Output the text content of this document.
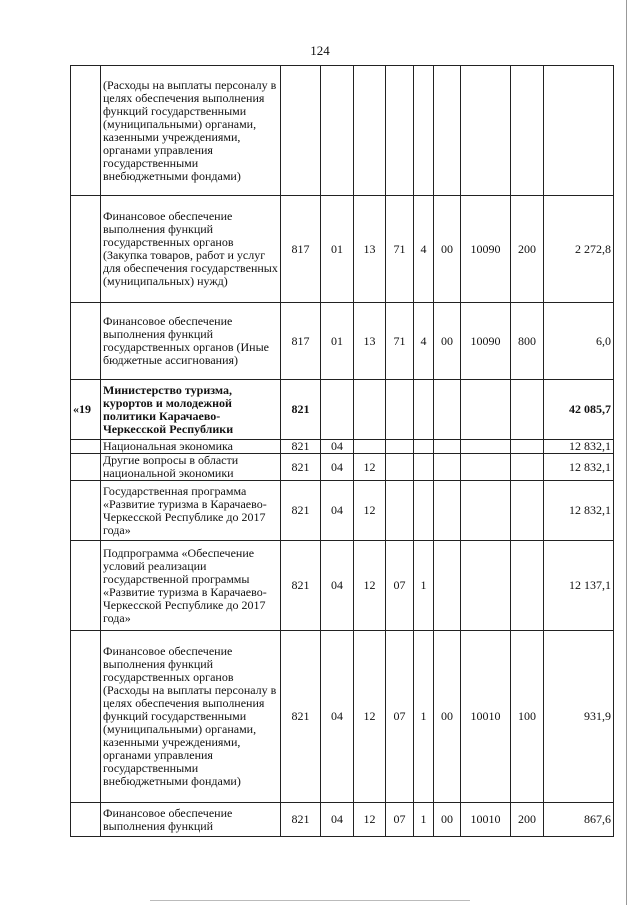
124
	(Расходы на выплаты персоналу в целях обеспечения выполнения функций государственными (муниципальными) органами, казенными учреждениями, органами управления государственными внебюджетными фондами)									
	Финансовое обеспечение выполнения функций государственных органов (Закупка товаров, работ и услуг для обеспечения государственных (муниципальных) нужд)	817	01	13	71	4	00	10090	200	2 272,8
	Финансовое обеспечение выполнения функций государственных органов (Иные бюджетные ассигнования)	817	01	13	71	4	00	10090	800	6,0
«19	Министерство туризма, курортов и молодежной политики Карачаево-Черкесской Республики	821								42 085,7
	Национальная экономика	821	04							12 832,1
	Другие вопросы в области национальной экономики	821	04	12						12 832,1
	Государственная программа «Развитие туризма в Карачаево-Черкесской Республике до 2017 года»	821	04	12						12 832,1
	Подпрограмма «Обеспечение условий реализации государственной программы «Развитие туризма в Карачаево-Черкесской Республике до 2017 года»	821	04	12	07	1				12 137,1
	Финансовое обеспечение выполнения функций государственных органов (Расходы на выплаты персоналу в целях обеспечения выполнения функций государственными (муниципальными) органами, казенными учреждениями, органами управления государственными внебюджетными фондами)	821	04	12	07	1	00	10010	100	931,9
	Финансовое обеспечение выполнения функций	821	04	12	07	1	00	10010	200	867,6
